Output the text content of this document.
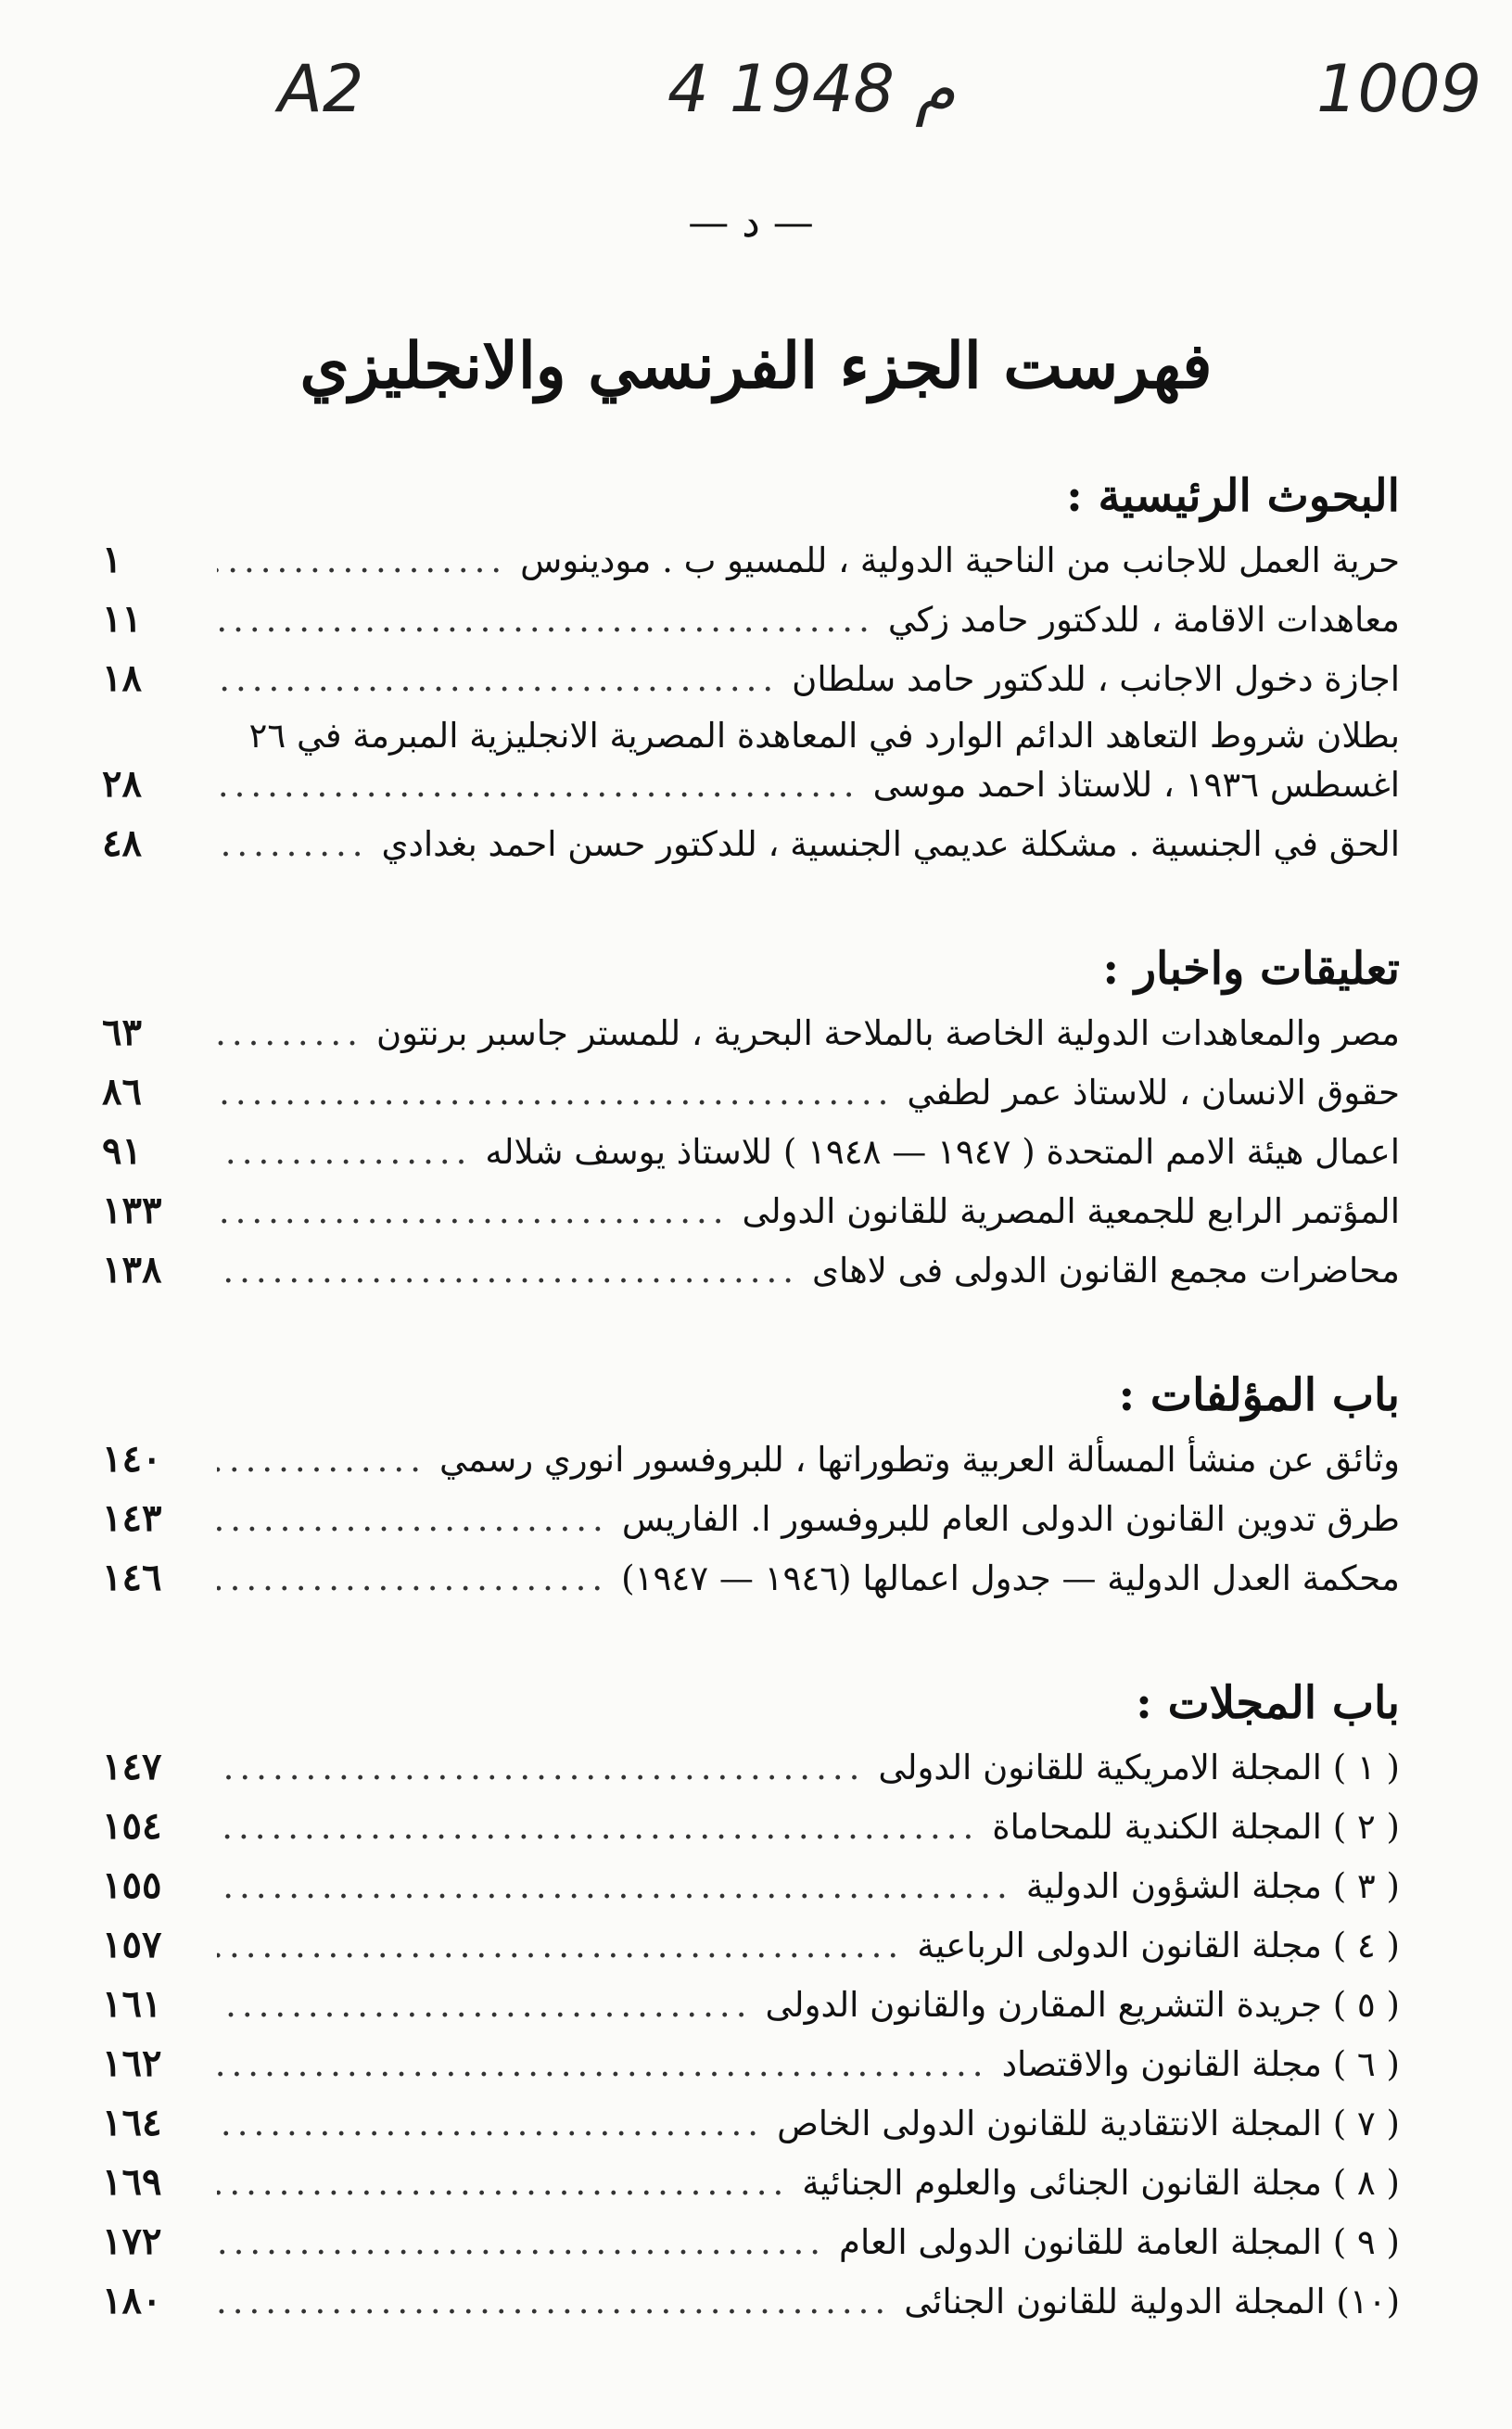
A2	4 م 1948	1009
— د —
فهرست الجزء الفرنسي والانجليزي
البحوث الرئيسية :
حرية العمل للاجانب من الناحية الدولية ، للمسيو ب . مودينوس
.....
١
معاهدات الاقامة ، للدكتور حامد زكي
.....
١١
اجازة دخول الاجانب ، للدكتور حامد سلطان
.....
١٨
بطلان شروط التعاهد الدائم الوارد في المعاهدة المصرية الانجليزية المبرمة في ٢٦
اغسطس ١٩٣٦ ، للاستاذ احمد موسى
.....
٢٨
الحق في الجنسية . مشكلة عديمي الجنسية ، للدكتور حسن احمد بغدادي
.....
٤٨
تعليقات واخبار :
مصر والمعاهدات الدولية الخاصة بالملاحة البحرية ، للمستر جاسبر برنتون
.....
٦٣
حقوق الانسان ، للاستاذ عمر لطفي
.....
٨٦
اعمال هيئة الامم المتحدة ( ١٩٤٧ — ١٩٤٨ ) للاستاذ يوسف شلاله
.....
٩١
المؤتمر الرابع للجمعية المصرية للقانون الدولى
.....
١٣٣
محاضرات مجمع القانون الدولى فى لاهاى
.....
١٣٨
باب المؤلفات :
وثائق عن منشأ المسألة العربية وتطوراتها ، للبروفسور انوري رسمي
.....
١٤٠
طرق تدوين القانون الدولى العام للبروفسور ا. الفاريس
.....
١٤٣
محكمة العدل الدولية — جدول اعمالها (١٩٤٦ — ١٩٤٧)
.....
١٤٦
باب المجلات :
( ١ ) المجلة الامريكية للقانون الدولى
.....
١٤٧
( ٢ ) المجلة الكندية للمحاماة
.....
١٥٤
( ٣ ) مجلة الشؤون الدولية
.....
١٥٥
( ٤ ) مجلة القانون الدولى الرباعية
.....
١٥٧
( ٥ ) جريدة التشريع المقارن والقانون الدولى
.....
١٦١
( ٦ ) مجلة القانون والاقتصاد
.....
١٦٢
( ٧ ) المجلة الانتقادية للقانون الدولى الخاص
.....
١٦٤
( ٨ ) مجلة القانون الجنائى والعلوم الجنائية
.....
١٦٩
( ٩ ) المجلة العامة للقانون الدولى العام
.....
١٧٢
(١٠) المجلة الدولية للقانون الجنائى
.....
١٨٠
